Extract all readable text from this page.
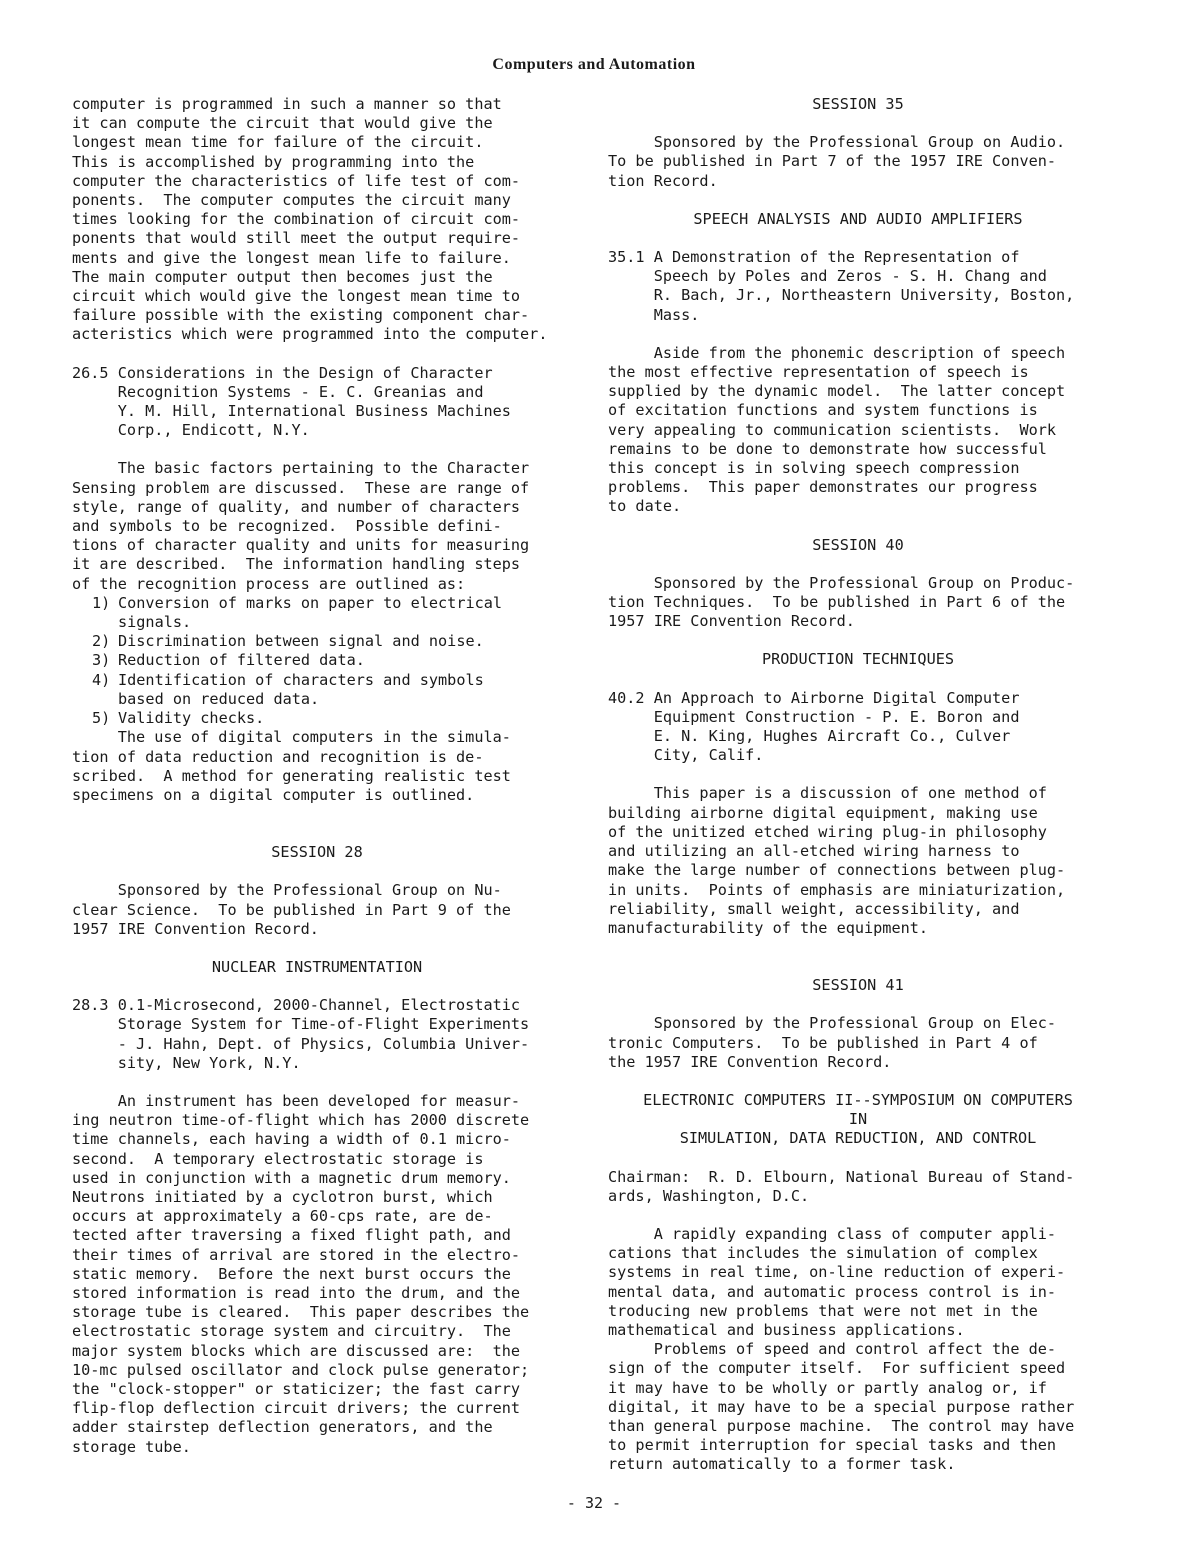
Computers and Automation
computer is programmed in such a manner so that
it can compute the circuit that would give the
longest mean time for failure of the circuit.
This is accomplished by programming into the
computer the characteristics of life test of com-
ponents.  The computer computes the circuit many
times looking for the combination of circuit com-
ponents that would still meet the output require-
ments and give the longest mean life to failure.
The main computer output then becomes just the
circuit which would give the longest mean time to
failure possible with the existing component char-
acteristics which were programmed into the computer.
26.5 Considerations in the Design of Character
Recognition Systems - E. C. Greanias and
Y. M. Hill, International Business Machines
Corp., Endicott, N.Y.
The basic factors pertaining to the Character
Sensing problem are discussed.  These are range of
style, range of quality, and number of characters
and symbols to be recognized.  Possible defini-
tions of character quality and units for measuring
it are described.  The information handling steps
of the recognition process are outlined as:
1) Conversion of marks on paper to electrical
signals.
2) Discrimination between signal and noise.
3) Reduction of filtered data.
4) Identification of characters and symbols
based on reduced data.
5) Validity checks.
The use of digital computers in the simula-
tion of data reduction and recognition is de-
scribed.  A method for generating realistic test
specimens on a digital computer is outlined.
SESSION 28
Sponsored by the Professional Group on Nu-
clear Science.  To be published in Part 9 of the
1957 IRE Convention Record.
NUCLEAR INSTRUMENTATION
28.3 0.1-Microsecond, 2000-Channel, Electrostatic
Storage System for Time-of-Flight Experiments
- J. Hahn, Dept. of Physics, Columbia Univer-
sity, New York, N.Y.
An instrument has been developed for measur-
ing neutron time-of-flight which has 2000 discrete
time channels, each having a width of 0.1 micro-
second.  A temporary electrostatic storage is
used in conjunction with a magnetic drum memory.
Neutrons initiated by a cyclotron burst, which
occurs at approximately a 60-cps rate, are de-
tected after traversing a fixed flight path, and
their times of arrival are stored in the electro-
static memory.  Before the next burst occurs the
stored information is read into the drum, and the
storage tube is cleared.  This paper describes the
electrostatic storage system and circuitry.  The
major system blocks which are discussed are:  the
10-mc pulsed oscillator and clock pulse generator;
the "clock-stopper" or staticizer; the fast carry
flip-flop deflection circuit drivers; the current
adder stairstep deflection generators, and the
storage tube.
SESSION 35
Sponsored by the Professional Group on Audio.
To be published in Part 7 of the 1957 IRE Conven-
tion Record.
SPEECH ANALYSIS AND AUDIO AMPLIFIERS
35.1 A Demonstration of the Representation of
Speech by Poles and Zeros - S. H. Chang and
R. Bach, Jr., Northeastern University, Boston,
Mass.
Aside from the phonemic description of speech
the most effective representation of speech is
supplied by the dynamic model.  The latter concept
of excitation functions and system functions is
very appealing to communication scientists.  Work
remains to be done to demonstrate how successful
this concept is in solving speech compression
problems.  This paper demonstrates our progress
to date.
SESSION 40
Sponsored by the Professional Group on Produc-
tion Techniques.  To be published in Part 6 of the
1957 IRE Convention Record.
PRODUCTION TECHNIQUES
40.2 An Approach to Airborne Digital Computer
Equipment Construction - P. E. Boron and
E. N. King, Hughes Aircraft Co., Culver
City, Calif.
This paper is a discussion of one method of
building airborne digital equipment, making use
of the unitized etched wiring plug-in philosophy
and utilizing an all-etched wiring harness to
make the large number of connections between plug-
in units.  Points of emphasis are miniaturization,
reliability, small weight, accessibility, and
manufacturability of the equipment.
SESSION 41
Sponsored by the Professional Group on Elec-
tronic Computers.  To be published in Part 4 of
the 1957 IRE Convention Record.
ELECTRONIC COMPUTERS II--SYMPOSIUM ON COMPUTERS
IN
SIMULATION, DATA REDUCTION, AND CONTROL
Chairman:  R. D. Elbourn, National Bureau of Stand-
ards, Washington, D.C.
A rapidly expanding class of computer appli-
cations that includes the simulation of complex
systems in real time, on-line reduction of experi-
mental data, and automatic process control is in-
troducing new problems that were not met in the
mathematical and business applications.
Problems of speed and control affect the de-
sign of the computer itself.  For sufficient speed
it may have to be wholly or partly analog or, if
digital, it may have to be a special purpose rather
than general purpose machine.  The control may have
to permit interruption for special tasks and then
return automatically to a former task.
- 32 -
